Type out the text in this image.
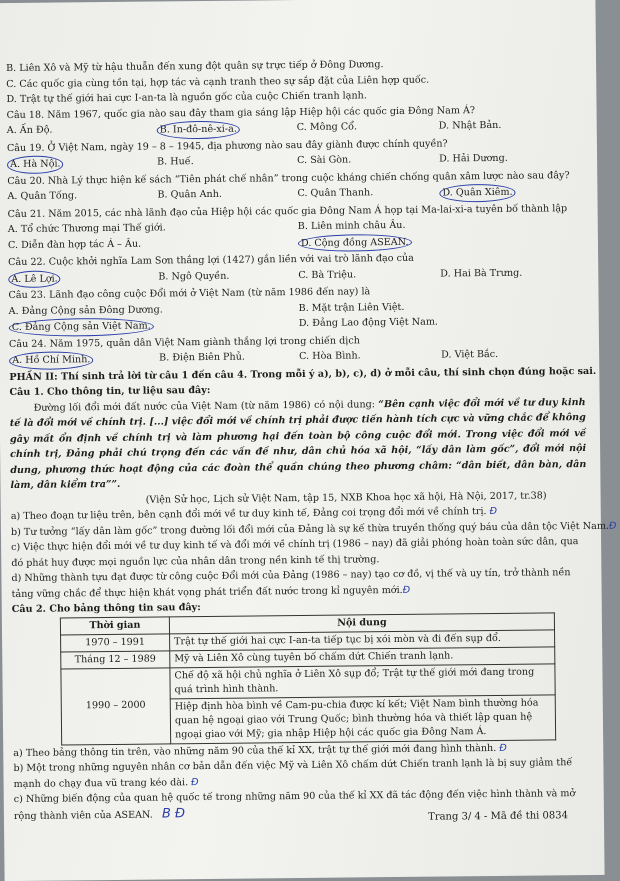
B. Liên Xô và Mỹ từ hậu thuẫn đến xung đột quân sự trực tiếp ở Đông Dương.
C. Các quốc gia cùng tồn tại, hợp tác và cạnh tranh theo sự sắp đặt của Liên hợp quốc.
D. Trật tự thế giới hai cực I-an-ta là nguồn gốc của cuộc Chiến tranh lạnh.
Câu 18. Năm 1967, quốc gia nào sau đây tham gia sáng lập Hiệp hội các quốc gia Đông Nam Á?
A. Ấn Độ.	B. In-đô-nê-xi-a.	C. Mông Cổ.	D. Nhật Bản.
Câu 19. Ở Việt Nam, ngày 19 – 8 – 1945, địa phương nào sau đây giành được chính quyền?
A. Hà Nội.	B. Huế.	C. Sài Gòn.	D. Hải Dương.
Câu 20. Nhà Lý thực hiện kế sách “Tiên phát chế nhân” trong cuộc kháng chiến chống quân xâm lược nào sau đây?
A. Quân Tống.	B. Quân Anh.	C. Quân Thanh.	D. Quân Xiêm.
Câu 21. Năm 2015, các nhà lãnh đạo của Hiệp hội các quốc gia Đông Nam Á họp tại Ma-lai-xi-a tuyên bố thành lập
A. Tổ chức Thương mại Thế giới.	B. Liên minh châu Âu.
C. Diễn đàn hợp tác Á – Âu.	D. Cộng đồng ASEAN.
Câu 22. Cuộc khởi nghĩa Lam Sơn thắng lợi (1427) gắn liền với vai trò lãnh đạo của
A. Lê Lợi.	B. Ngô Quyền.	C. Bà Triệu.	D. Hai Bà Trưng.
Câu 23. Lãnh đạo công cuộc Đổi mới ở Việt Nam (từ năm 1986 đến nay) là
A. Đảng Cộng sản Đông Dương.	B. Mặt trận Liên Việt.
C. Đảng Cộng sản Việt Nam.	D. Đảng Lao động Việt Nam.
Câu 24. Năm 1975, quân dân Việt Nam giành thắng lợi trong chiến dịch
A. Hồ Chí Minh.	B. Điện Biên Phủ.	C. Hòa Bình.	D. Việt Bắc.
PHẦN II: Thí sinh trả lời từ câu 1 đến câu 4. Trong mỗi ý a), b), c), d) ở mỗi câu, thí sinh chọn đúng hoặc sai.
Câu 1. Cho thông tin, tư liệu sau đây:
Đường lối đổi mới đất nước của Việt Nam (từ năm 1986) có nội dung: “Bên cạnh việc đổi mới về tư duy kinh tế là đổi mới về chính trị. [...] việc đổi mới về chính trị phải được tiến hành tích cực và vững chắc để không gây mất ổn định về chính trị và làm phương hại đến toàn bộ công cuộc đổi mới. Trong việc đổi mới về chính trị, Đảng phải chú trọng đến các vấn đề như, dân chủ hóa xã hội, “lấy dân làm gốc”, đổi mới nội dung, phương thức hoạt động của các đoàn thể quần chúng theo phương châm: “dân biết, dân bàn, dân làm, dân kiểm tra””.
(Viện Sử học, Lịch sử Việt Nam, tập 15, NXB Khoa học xã hội, Hà Nội, 2017, tr.38)
a) Theo đoạn tư liệu trên, bên cạnh đổi mới về tư duy kinh tế, Đảng coi trọng đổi mới về chính trị. Đ
b) Tư tưởng “lấy dân làm gốc” trong đường lối đổi mới của Đảng là sự kế thừa truyền thống quý báu của dân tộc Việt Nam.Đ
c) Việc thực hiện đổi mới về tư duy kinh tế và đổi mới về chính trị (1986 – nay) đã giải phóng hoàn toàn sức dân, qua
đó phát huy được mọi nguồn lực của nhân dân trong nền kinh tế thị trường.
d) Những thành tựu đạt được từ công cuộc Đổi mới của Đảng (1986 – nay) tạo cơ đồ, vị thế và uy tín, trở thành nền
tảng vững chắc để thực hiện khát vọng phát triển đất nước trong kỉ nguyên mới.Đ
Câu 2. Cho bảng thông tin sau đây:
Thời gian	Nội dung
1970 – 1991	Trật tự thế giới hai cực I-an-ta tiếp tục bị xói mòn và đi đến sụp đổ.
Tháng 12 – 1989	Mỹ và Liên Xô cùng tuyên bố chấm dứt Chiến tranh lạnh.
1990 – 2000	Chế độ xã hội chủ nghĩa ở Liên Xô sụp đổ; Trật tự thế giới mới đang trong quá trình hình thành.
	Hiệp định hòa bình về Cam-pu-chia được kí kết; Việt Nam bình thường hóa quan hệ ngoại giao với Trung Quốc; bình thường hóa và thiết lập quan hệ ngoại giao với Mỹ; gia nhập Hiệp hội các quốc gia Đông Nam Á.
a) Theo bảng thông tin trên, vào những năm 90 của thế kỉ XX, trật tự thế giới mới đang hình thành. Đ
b) Một trong những nguyên nhân cơ bản dẫn đến việc Mỹ và Liên Xô chấm dứt Chiến tranh lạnh là bị suy giảm thế
mạnh do chạy đua vũ trang kéo dài. Đ
c) Những biến động của quan hệ quốc tế trong những năm 90 của thế kỉ XX đã tác động đến việc hình thành và mở
rộng thành viên của ASEAN. B Đ	Trang 3/ 4 - Mã đề thi 0834
